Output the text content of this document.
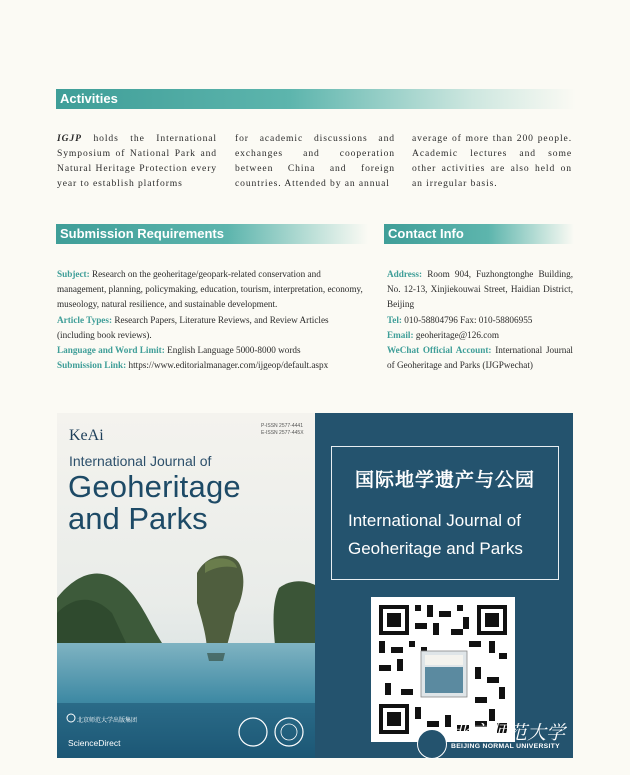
Activities
IGJP holds the International Symposium of National Park and Natural Heritage Protection every year to establish platforms
for academic discussions and exchanges and cooperation between China and foreign countries. Attended by an annual
average of more than 200 people. Academic lectures and some other activities are also held on an irregular basis.
Submission Requirements
Subject: Research on the geoheritage/geopark-related conservation and management, planning, policymaking, education, tourism, interpretation, economy, museology, natural resilience, and sustainable development.
Article Types: Research Papers, Literature Reviews, and Review Articles (including book reviews).
Language and Word Limit: English Language 5000-8000 words
Submission Link: https://www.editorialmanager.com/ijgeop/default.aspx
Contact Info
Address: Room 904, Fuzhongtonghe Building, No. 12-13, Xinjiekouwai Street, Haidian District, Beijing
Tel: 010-58804796 Fax: 010-58806955
Email: geoheritage@126.com
WeChat Official Account: International Journal of Geoheritage and Parks (IJGPwechat)
KeAi
P-ISSN 2577-4441
E-ISSN 2577-445X
International Journal of
Geoheritage
and Parks
北京师范大学出版集团
ScienceDirect
国际地学遗产与公园
International Journal of
Geoheritage and Parks
北京师范大学
BEIJING NORMAL UNIVERSITY
